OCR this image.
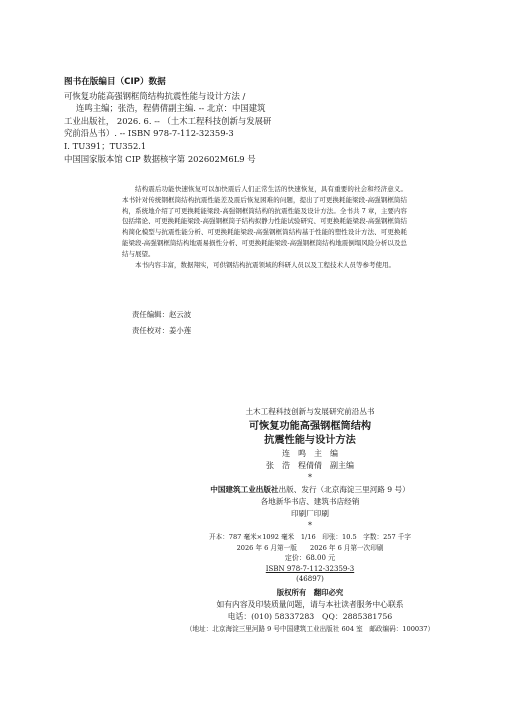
图书在版编目（CIP）数据
可恢复功能高强钢框筒结构抗震性能与设计方法 /
连鸣主编；张浩，程倩倩副主编. -- 北京：中国建筑
工业出版社， 2026. 6. -- （土木工程科技创新与发展研
究前沿丛书）. -- ISBN 978-7-112-32359-3
Ⅰ. TU391；TU352.1
中国国家版本馆 CIP 数据核字第 202602M6L9 号

结构震后功能快速恢复可以加快震后人们正常生活的快速恢复，具有重要的社会和经济意义。本书针对传统钢框筒结构抗震性能差及震后恢复困难的问题，提出了可更换耗能梁段-高强钢框筒结构，系统地介绍了可更换耗能梁段-高强钢框筒结构的抗震性能及设计方法。全书共 7 章，主要内容包括绪论、可更换耗能梁段-高强钢框筒子结构拟静力性能试验研究、可更换耗能梁段-高强钢框筒结构简化模型与抗震性能分析、可更换耗能梁段-高强钢框筒结构基于性能的塑性设计方法、可更换耗能梁段-高强钢框筒结构地震易损性分析、可更换耗能梁段-高强钢框筒结构地震倒塌风险分析以及总结与展望。

本书内容丰富，数据翔实，可供钢结构抗震领域的科研人员以及工程技术人员等参考使用。

责任编辑：赵云波
责任校对：姜小莲
土木工程科技创新与发展研究前沿丛书
可恢复功能高强钢框筒结构
抗震性能与设计方法
连　鸣　主　编
张　浩　程倩倩　副主编
*
中国建筑工业出版社出版、发行（北京海淀三里河路 9 号）
各地新华书店、建筑书店经销
印刷厂印刷
*
开本：787 毫米×1092 毫米　1/16　印张：10.5　字数：257 千字
2026 年 6 月第一版　　2026 年 6 月第一次印刷
定价：68.00 元
ISBN 978-7-112-32359-3
(46897)
版权所有　翻印必究
如有内容及印装质量问题，请与本社读者服务中心联系
电话：(010) 58337283　QQ：2885381756
（地址：北京海淀三里河路 9 号中国建筑工业出版社 604 室　邮政编码：100037）
